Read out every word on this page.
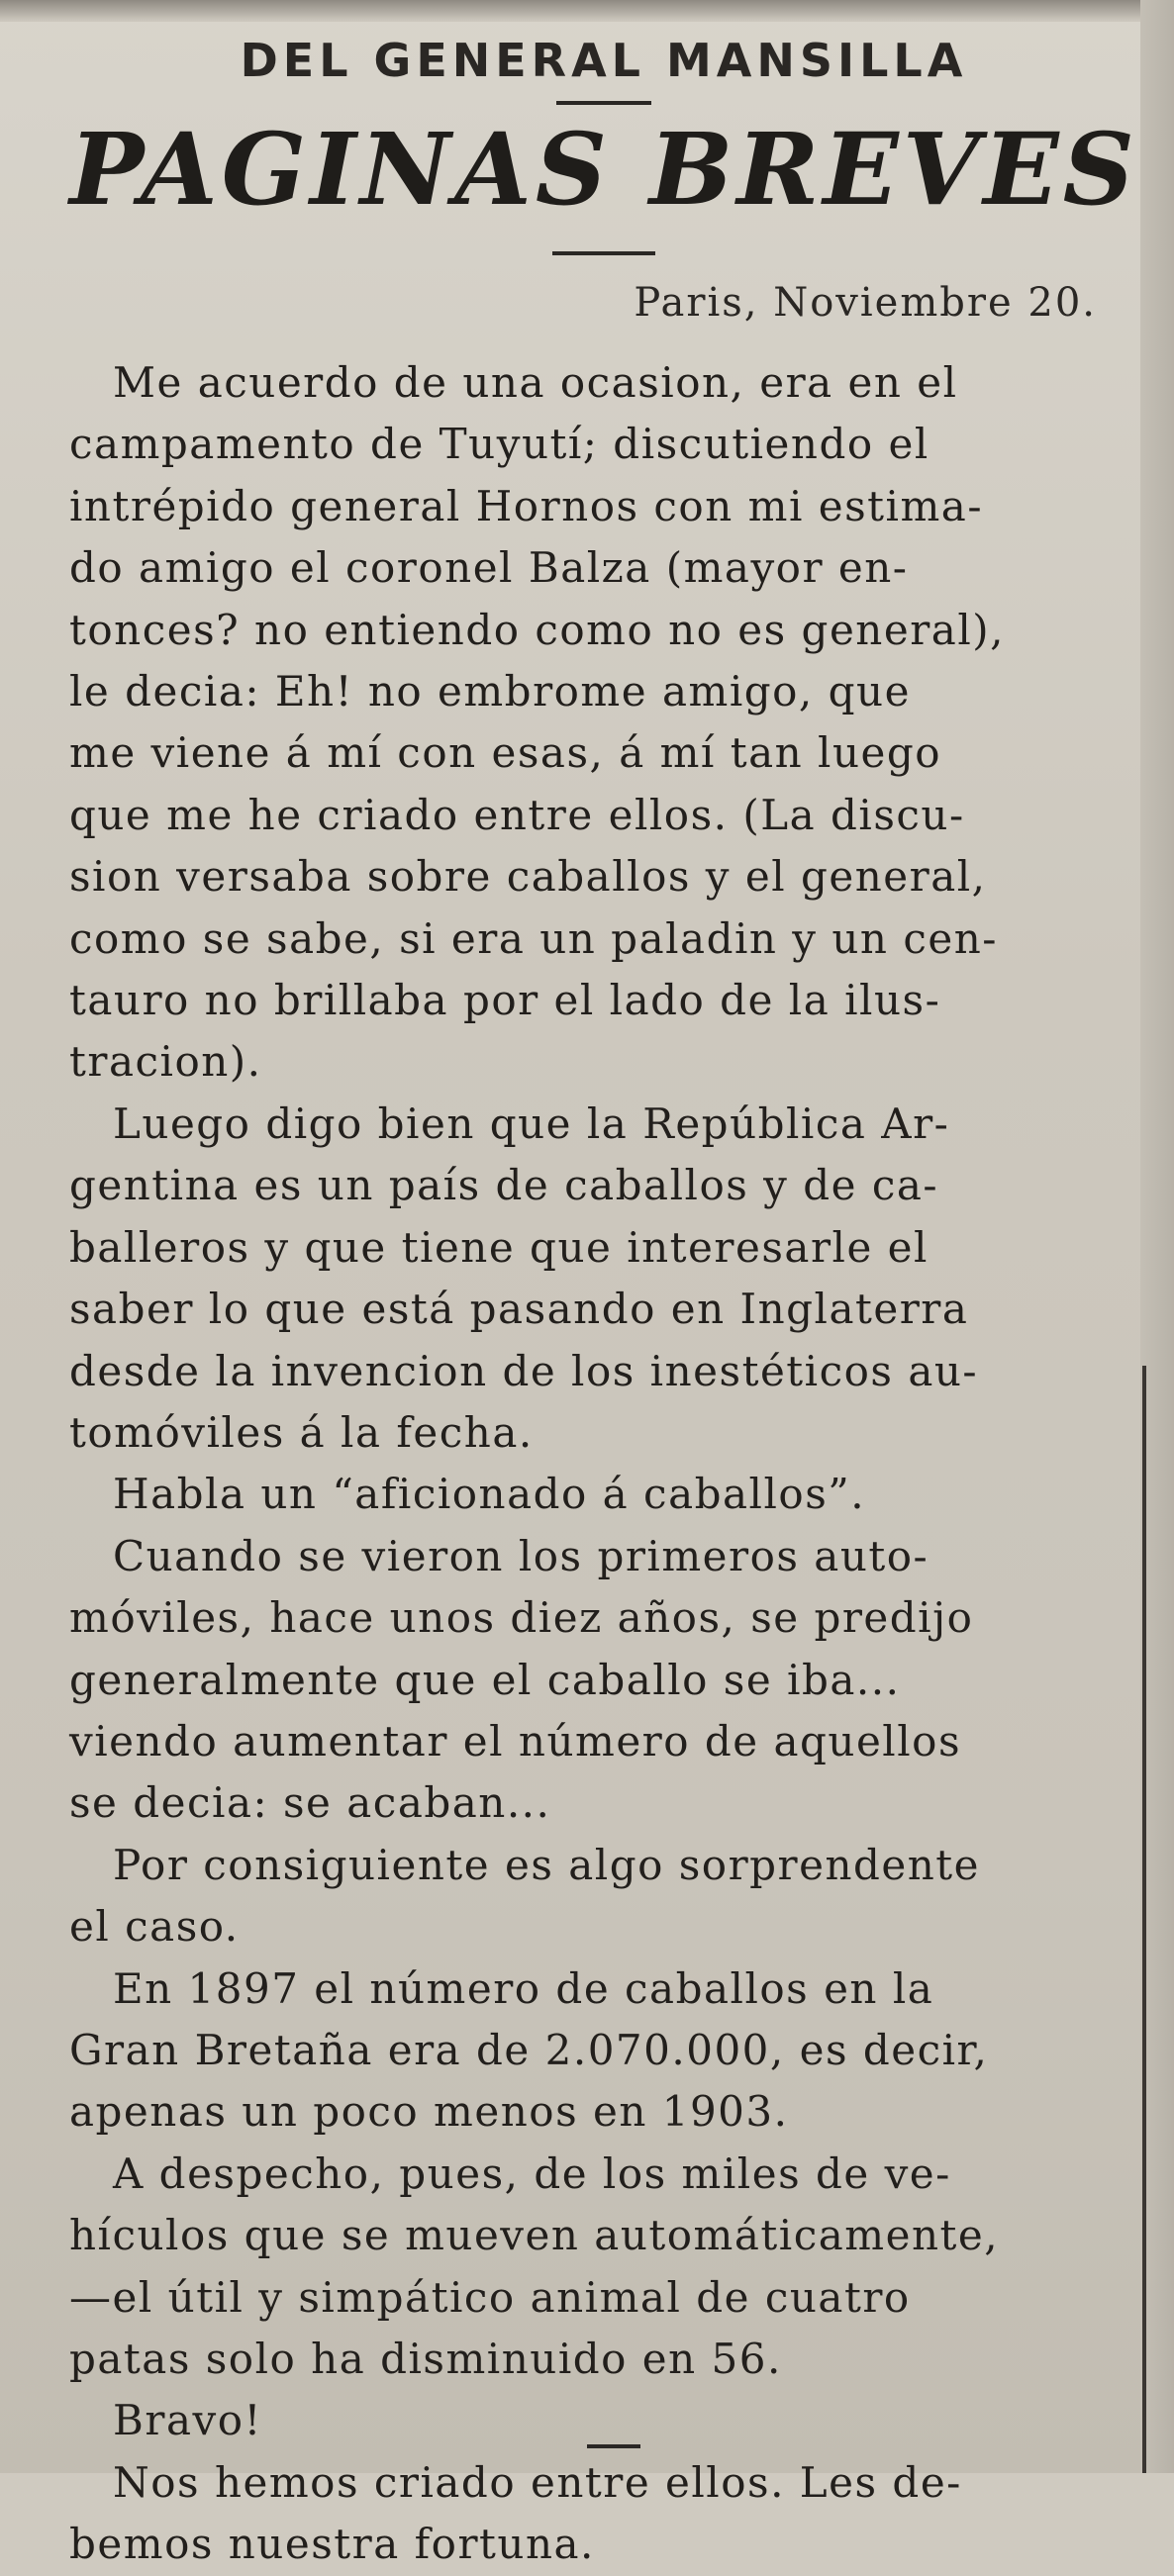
DEL GENERAL MANSILLA
PAGINAS BREVES
Paris, Noviembre 20.
Me acuerdo de una ocasion, era en el
campamento de Tuyutí; discutiendo el
intrépido general Hornos con mi estima-
do amigo el coronel Balza (mayor en-
tonces? no entiendo como no es general),
le decia: Eh! no embrome amigo, que
me viene á mí con esas, á mí tan luego
que me he criado entre ellos. (La discu-
sion versaba sobre caballos y el general,
como se sabe, si era un paladin y un cen-
tauro no brillaba por el lado de la ilus-
tracion).
Luego digo bien que la República Ar-
gentina es un país de caballos y de ca-
balleros y que tiene que interesarle el
saber lo que está pasando en Inglaterra
desde la invencion de los inestéticos au-
tomóviles á la fecha.
Habla un “aficionado á caballos”.
Cuando se vieron los primeros auto-
móviles, hace unos diez años, se predijo
generalmente que el caballo se iba...
viendo aumentar el número de aquellos
se decia: se acaban...
Por consiguiente es algo sorprendente
el caso.
En 1897 el número de caballos en la
Gran Bretaña era de 2.070.000, es decir,
apenas un poco menos en 1903.
A despecho, pues, de los miles de ve-
hículos que se mueven automáticamente,
—el útil y simpático animal de cuatro
patas solo ha disminuido en 56.
Bravo!
Nos hemos criado entre ellos. Les de-
bemos nuestra fortuna.
